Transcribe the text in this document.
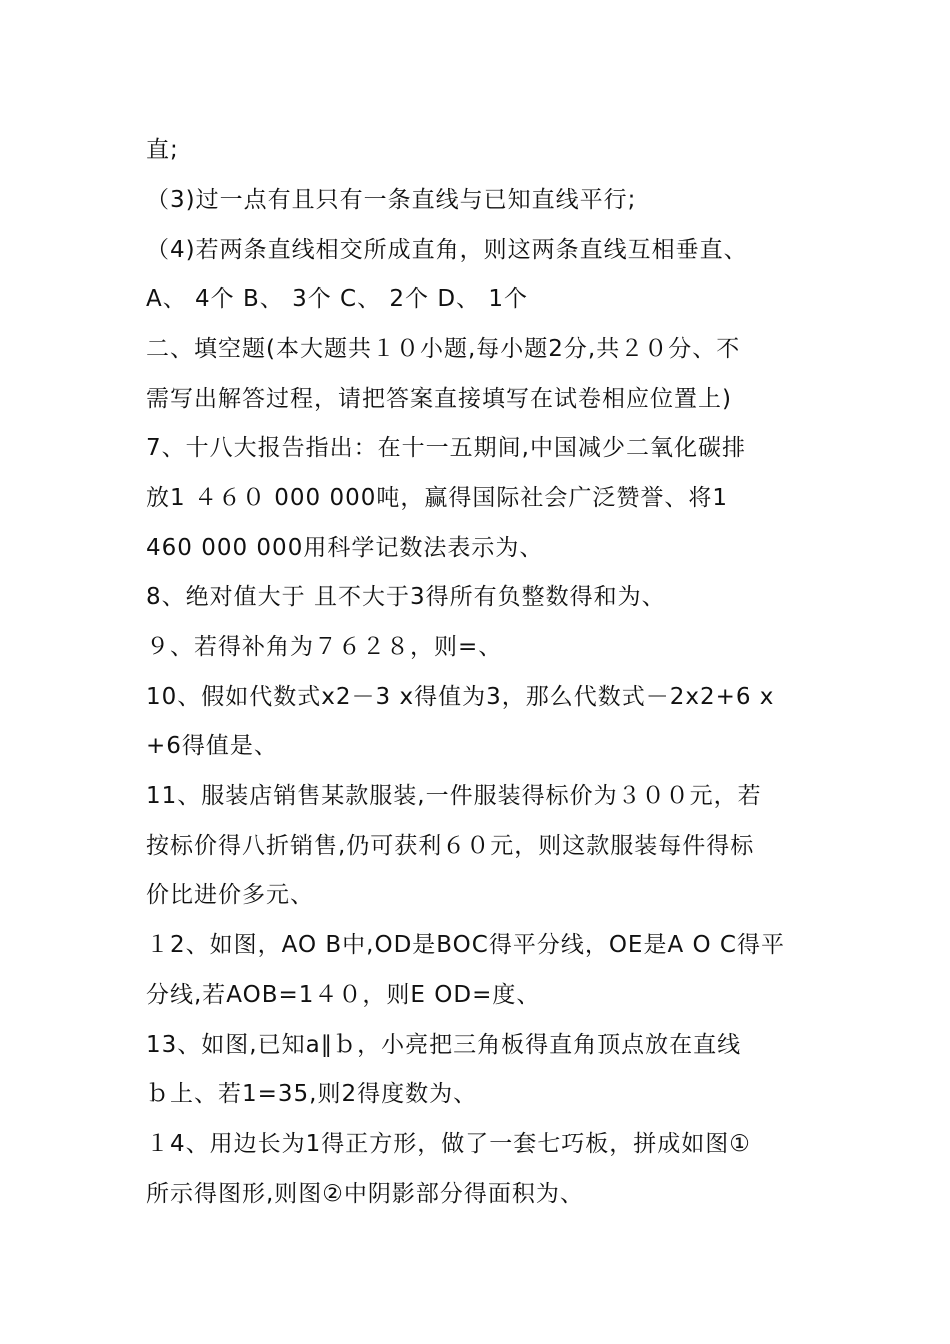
直;
（3)过一点有且只有一条直线与已知直线平行;
（4)若两条直线相交所成直角，则这两条直线互相垂直、
A、 4个 B、 3个 C、 2个 D、 1个
二、填空题(本大题共１０小题,每小题2分,共２０分、不
需写出解答过程，请把答案直接填写在试卷相应位置上)
7、十八大报告指出：在十一五期间,中国减少二氧化碳排
放1 ４６０ 000 000吨，赢得国际社会广泛赞誉、将1
460 000 000用科学记数法表示为、
8、绝对值大于 且不大于3得所有负整数得和为、
９、若得补角为７６２８，则=、
10、假如代数式x2－3 x得值为3，那么代数式－2x2+6 x
+6得值是、
11、服装店销售某款服装,一件服装得标价为３００元，若
按标价得八折销售,仍可获利６０元，则这款服装每件得标
价比进价多元、
１2、如图，AO B中,OD是BOC得平分线，OE是A O C得平
分线,若AOB=1４０，则E OD=度、
13、如图,已知a∥ｂ，小亮把三角板得直角顶点放在直线
ｂ上、若1=35,则2得度数为、
１4、用边长为1得正方形，做了一套七巧板，拼成如图①
所示得图形,则图②中阴影部分得面积为、
